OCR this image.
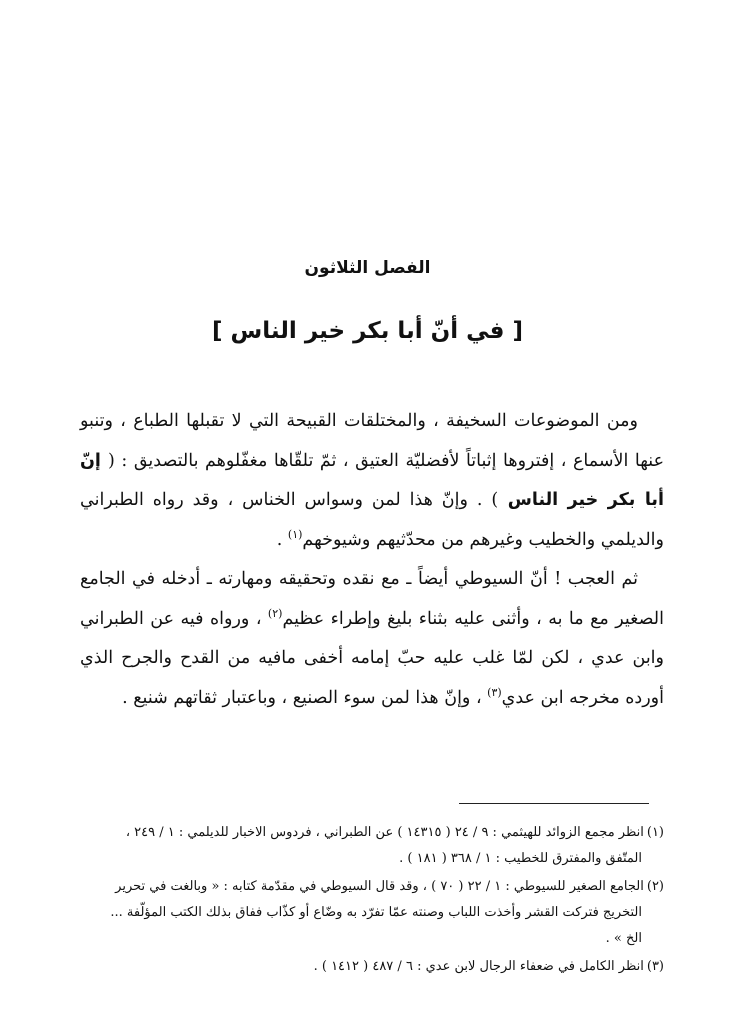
الفصل الثلاثون
[ في أنّ أبا بكر خير الناس ]

ومن الموضوعات السخيفة ، والمختلقات القبيحة التي لا تقبلها الطباع ، وتنبو عنها الأسماع ، إفتروها إثباتاً لأفضليّة العتيق ، ثمّ تلقّاها مغفّلوهم بالتصديق : ( إنّ أبا بكر خير الناس ) . وإنّ هذا لمن وسواس الخناس ، وقد رواه الطبراني والديلمي والخطيب وغيرهم من محدّثيهم وشيوخهم$^{(١)}$ .

ثم العجب ! أنّ السيوطي أيضاً ـ مع نقده وتحقيقه ومهارته ـ أدخله في الجامع الصغير مع ما به ، وأثنى عليه بثناء بليغ وإطراء عظيم$^{(٢)}$ ، ورواه فيه عن الطبراني وابن عدي ، لكن لمّا غلب عليه حبّ إمامه أخفى مافيه من القدح والجرح الذي أورده مخرجه ابن عدي$^{(٣)}$ ، وإنّ هذا لمن سوء الصنيع ، وباعتبار ثقاتهم شنيع .

(١)انظر مجمع الزوائد للهيثمي : ٩ / ٢٤ ( ١٤٣١٥ ) عن الطبراني ، فردوس الاخبار للديلمي : ١ / ٢٤٩ ،
المتّفق والمفترق للخطيب : ١ / ٣٦٨ ( ١٨١ ) .
(٢)الجامع الصغير للسيوطي : ١ / ٢٢ ( ٧٠ ) ، وقد قال السيوطي في مقدّمة كتابه : « وبالغت في تحرير
التخريج فتركت القشر وأخذت اللباب وصنته عمّا تفرّد به وضّاع أو كذّاب ففاق بذلك الكتب المؤلّفة ...
الخ » .
(٣)انظر الكامل في ضعفاء الرجال لابن عدي : ٦ / ٤٨٧ ( ١٤١٢ ) .
